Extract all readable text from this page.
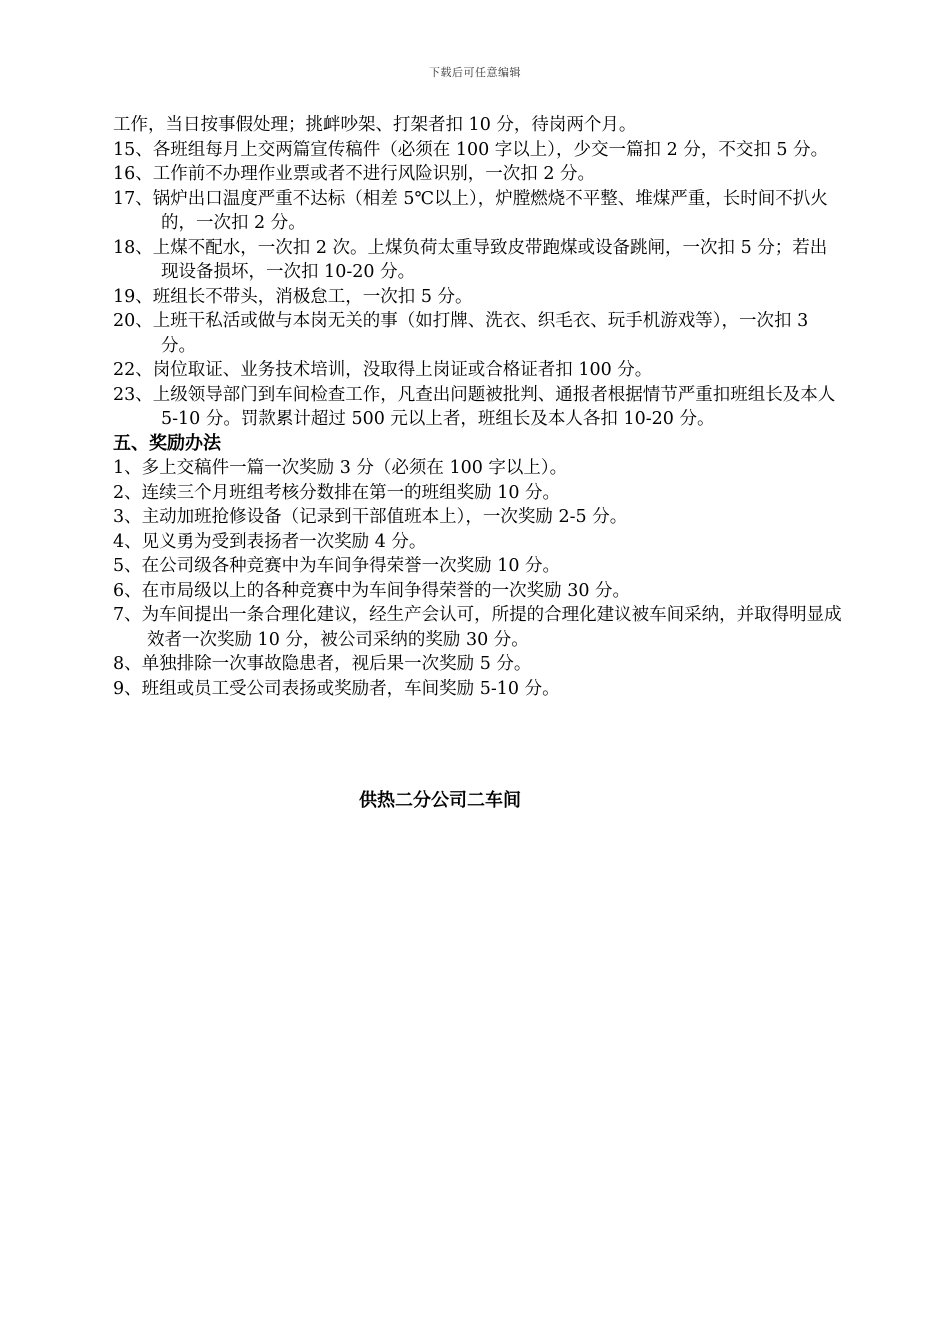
下载后可任意编辑
工作，当日按事假处理；挑衅吵架、打架者扣 10 分，待岗两个月。
15、各班组每月上交两篇宣传稿件（必须在 100 字以上），少交一篇扣 2 分，不交扣 5 分。
16、工作前不办理作业票或者不进行风险识别，一次扣 2 分。
17、锅炉出口温度严重不达标（相差 5℃以上），炉膛燃烧不平整、堆煤严重，长时间不扒火的，一次扣 2 分。
18、上煤不配水，一次扣 2 次。上煤负荷太重导致皮带跑煤或设备跳闸，一次扣 5 分；若出现设备损坏，一次扣 10-20 分。
19、班组长不带头，消极怠工，一次扣 5 分。
20、上班干私活或做与本岗无关的事（如打牌、洗衣、织毛衣、玩手机游戏等），一次扣 3 分。
22、岗位取证、业务技术培训，没取得上岗证或合格证者扣 100 分。
23、上级领导部门到车间检查工作，凡查出问题被批判、通报者根据情节严重扣班组长及本人 5-10 分。罚款累计超过 500 元以上者，班组长及本人各扣 10-20 分。
五、奖励办法
1、多上交稿件一篇一次奖励 3 分（必须在 100 字以上）。
2、连续三个月班组考核分数排在第一的班组奖励 10 分。
3、主动加班抢修设备（记录到干部值班本上），一次奖励 2-5 分。
4、见义勇为受到表扬者一次奖励 4 分。
5、在公司级各种竞赛中为车间争得荣誉一次奖励 10 分。
6、在市局级以上的各种竞赛中为车间争得荣誉的一次奖励 30 分。
7、为车间提出一条合理化建议，经生产会认可，所提的合理化建议被车间采纳，并取得明显成效者一次奖励 10 分，被公司采纳的奖励 30 分。
8、单独排除一次事故隐患者，视后果一次奖励 5 分。
9、班组或员工受公司表扬或奖励者，车间奖励 5-10 分。
供热二分公司二车间
